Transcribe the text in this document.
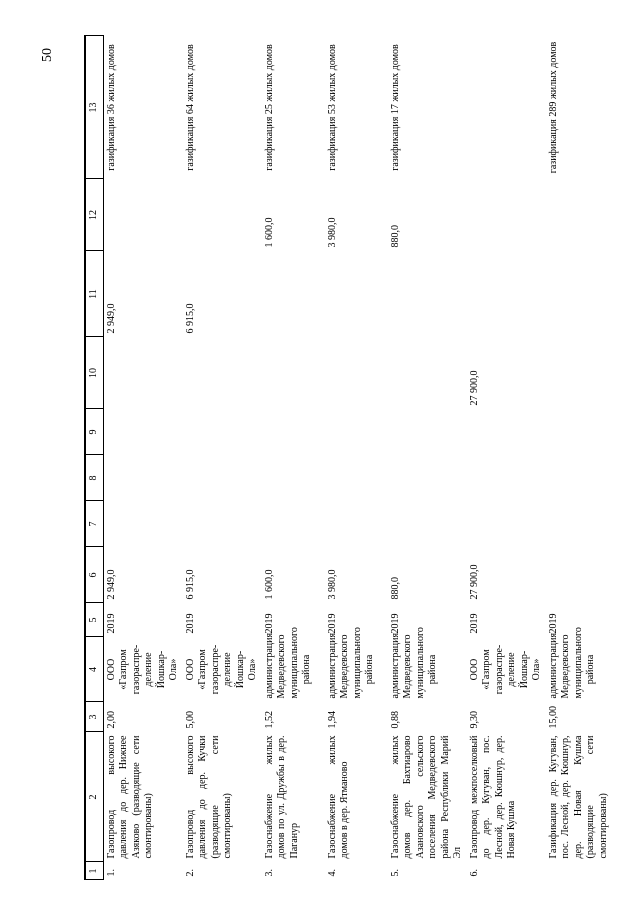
50
1	2	3	4	5	6	7	8	9	10	11	12	13
1.	Газопровод высокого давления до дер. Нижнее Азяково (разводящие сети смонтированы)	2,00	ООО «Газпром газораспре-деление Йошкар-Ола»	2019	2 949,0					2 949,0		газификация 36 жилых домов
2.	Газопровод высокого давления до дер. Кучки (разводящие сети смонтированы)	5,00	ООО «Газпром газораспре-деление Йошкар-Ола»	2019	6 915,0					6 915,0		газификация 64 жилых домов
3.	Газоснабжение жилых домов по ул. Дружбы в дер. Пагануp	1,52	администрация Медведевского муниципального района	2019	1 600,0						1 600,0	газификация 25 жилых домов
4.	Газоснабжение жилых домов в дер. Ятманово	1,94	администрация Медведевского муниципального района	2019	3 980,0						3 980,0	газификация 53 жилых домов
5.	Газоснабжение жилых домов дер. Бахтиарово Азановского сельского поселения Медведевского района Республики Марий Эл	0,88	администрация Медведевского муниципального района	2019	880,0						880,0	газификация 17 жилых домов
6.	Газопровод межпоселковый до дер. Кугуван, пос. Лесной, дер. Кюшнур, дер. Новая Кушма	9,30	ООО «Газпром газораспре-деление Йошкар-Ола»	2019	27 900,0				27 900,0			
	Газификация дер. Кугуван, пос. Лесной, дер. Кюшнур, дер. Новая Кушма (разводящие сети смонтированы)	15,00	администрация Медведевского муниципального района	2019								газификация 289 жилых домов
